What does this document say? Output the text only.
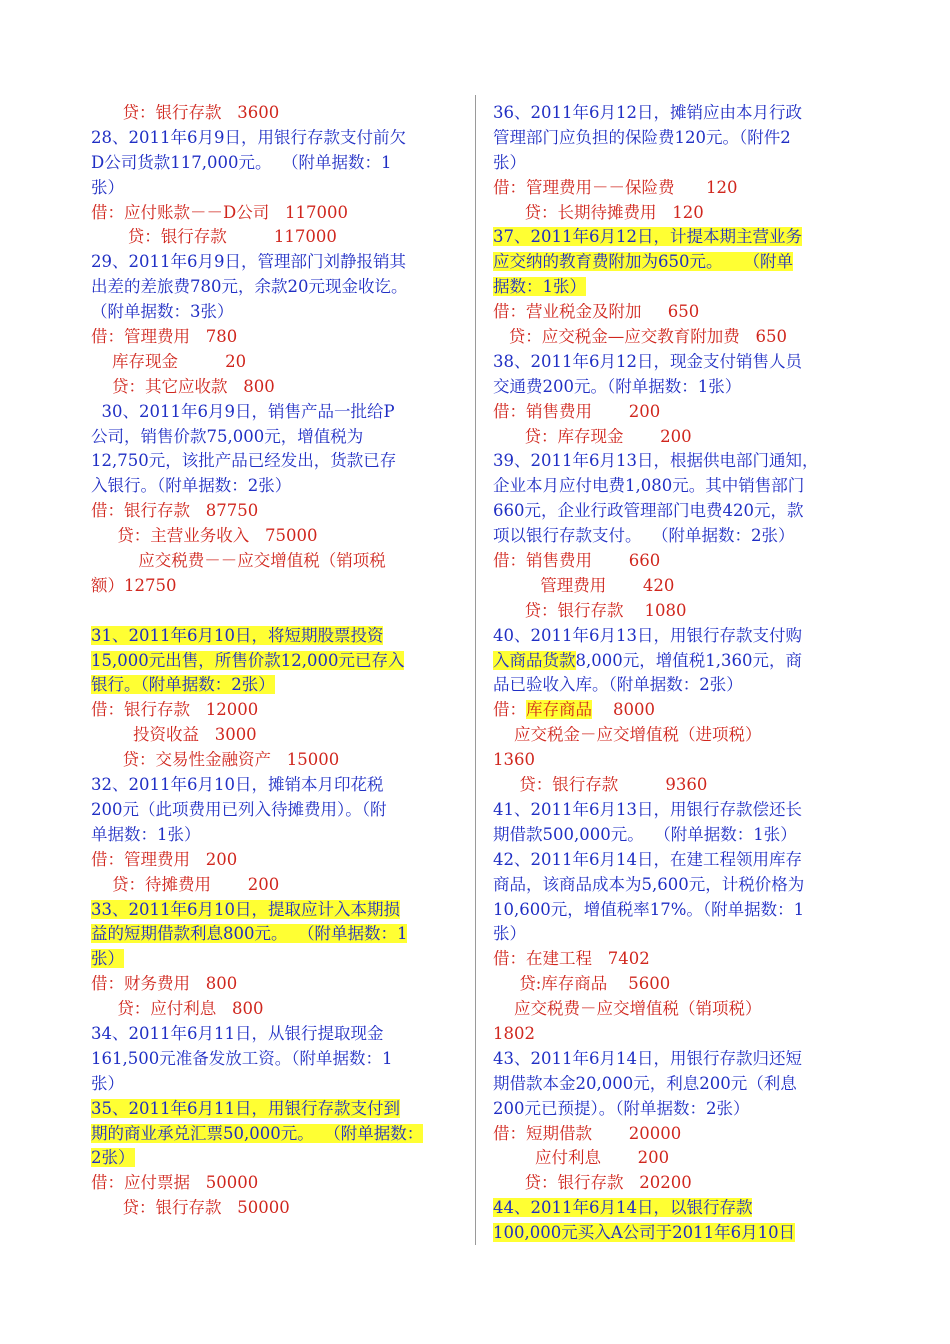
贷：银行存款   3600
28、2011年6月9日，用银行存款支付前欠
D公司货款117,000元。  （附单据数：1
张）
借：应付账款－－D公司   117000
贷：银行存款         117000
29、2011年6月9日，管理部门刘静报销其
出差的差旅费780元，余款20元现金收讫。
（附单据数：3张）
借：管理费用   780
库存现金         20
贷：其它应收款   800
30、2011年6月9日，销售产品一批给P
公司，销售价款75,000元，增值税为
12,750元，该批产品已经发出，货款已存
入银行。（附单据数：2张）
借：银行存款   87750
贷：主营业务收入   75000
应交税费－－应交增值税（销项税
额）12750
31、2011年6月10日，将短期股票投资
15,000元出售，所售价款12,000元已存入
银行。（附单据数：2张）
借：银行存款   12000
投资收益   3000
贷：交易性金融资产   15000
32、2011年6月10日，摊销本月印花税
200元（此项费用已列入待摊费用）。（附
单据数：1张）
借：管理费用   200
贷：待摊费用       200
33、2011年6月10日，提取应计入本期损
益的短期借款利息800元。  （附单据数：1
张）
借：财务费用   800
贷：应付利息   800
34、2011年6月11日，从银行提取现金
161,500元准备发放工资。（附单据数：1
张）
35、2011年6月11日，用银行存款支付到
期的商业承兑汇票50,000元。  （附单据数：
2张）
借：应付票据   50000
贷：银行存款   50000
36、2011年6月12日，摊销应由本月行政
管理部门应负担的保险费120元。（附件2
张）
借：管理费用－－保险费      120
贷：长期待摊费用   120
37、2011年6月12日，计提本期主营业务
应交纳的教育费附加为650元。    （附单
据数：1张）
借：营业税金及附加     650
贷：应交税金—应交教育附加费   650
38、2011年6月12日，现金支付销售人员
交通费200元。（附单据数：1张）
借：销售费用       200
贷：库存现金       200
39、2011年6月13日，根据供电部门通知，
企业本月应付电费1,080元。其中销售部门
660元，企业行政管理部门电费420元，款
项以银行存款支付。  （附单据数：2张）
借：销售费用       660
管理费用       420
贷：银行存款    1080
40、2011年6月13日，用银行存款支付购
入商品货款8,000元，增值税1,360元，商
品已验收入库。（附单据数：2张）
借：库存商品    8000
应交税金－应交增值税（进项税）
1360
贷：银行存款         9360
41、2011年6月13日，用银行存款偿还长
期借款500,000元。  （附单据数：1张）
42、2011年6月14日，在建工程领用库存
商品，该商品成本为5,600元，计税价格为
10,600元，增值税率17%。（附单据数：1
张）
借：在建工程   7402
贷:库存商品    5600
应交税费－应交增值税（销项税）
1802
43、2011年6月14日，用银行存款归还短
期借款本金20,000元，利息200元（利息
200元已预提）。（附单据数：2张）
借：短期借款       20000
应付利息       200
贷：银行存款   20200
44、2011年6月14日，以银行存款
100,000元买入A公司于2011年6月10日
